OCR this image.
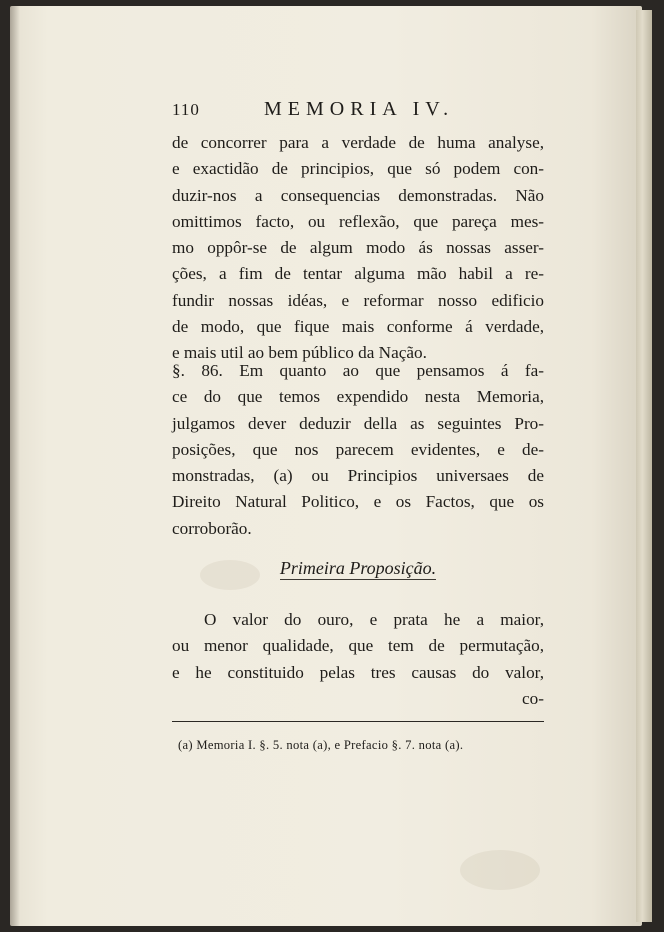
110	MEMORIA IV.
de concorrer para a verdade de huma analyse,
e exactidão de principios, que só podem con-
duzir-nos a consequencias demonstradas. Não
omittimos facto, ou reflexão, que pareça mes-
mo oppôr-se de algum modo ás nossas asser-
ções, a fim de tentar alguma mão habil a re-
fundir nossas idéas, e reformar nosso edificio
de modo, que fique mais conforme á verdade,
e mais util ao bem público da Nação.
§. 86. Em quanto ao que pensamos á fa-
ce do que temos expendido nesta Memoria,
julgamos dever deduzir della as seguintes Pro-
posições, que nos parecem evidentes, e de-
monstradas, (a) ou Principios universaes de
Direito Natural Politico, e os Factos, que os
corroborão.
Primeira Proposição.
O valor do ouro, e prata he a maior,
ou menor qualidade, que tem de permutação,
e he constituido pelas tres causas do valor,
co-
(a) Memoria I. §. 5. nota (a), e Prefacio §. 7. nota (a).
